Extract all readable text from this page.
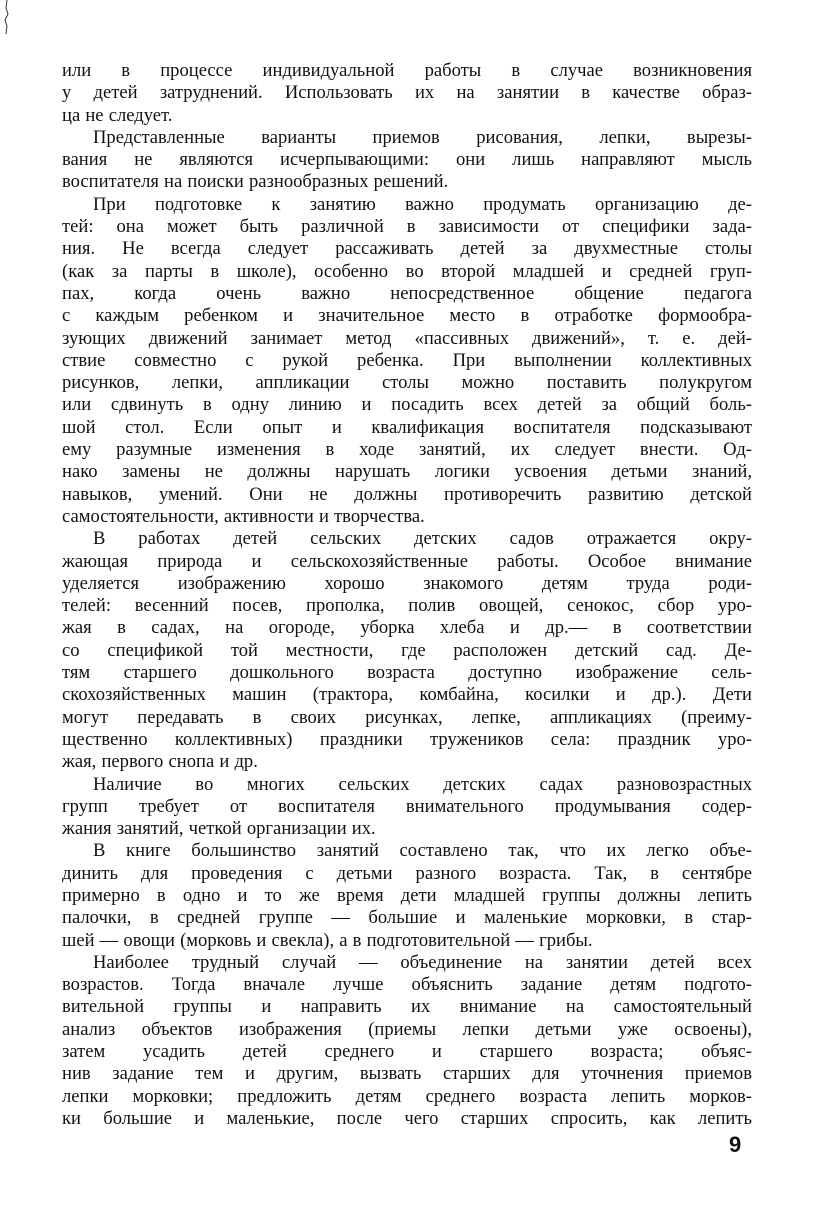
или в процессе индивидуальной работы в случае возникновения
у детей затруднений. Использовать их на занятии в качестве образ-
ца не следует.
Представленные варианты приемов рисования, лепки, вырезы-
вания не являются исчерпывающими: они лишь направляют мысль
воспитателя на поиски разнообразных решений.
При подготовке к занятию важно продумать организацию де-
тей: она может быть различной в зависимости от специфики зада-
ния. Не всегда следует рассаживать детей за двухместные столы
(как за парты в школе), особенно во второй младшей и средней груп-
пах, когда очень важно непосредственное общение педагога
с каждым ребенком и значительное место в отработке формообра-
зующих движений занимает метод «пассивных движений», т. е. дей-
ствие совместно с рукой ребенка. При выполнении коллективных
рисунков, лепки, аппликации столы можно поставить полукругом
или сдвинуть в одну линию и посадить всех детей за общий боль-
шой стол. Если опыт и квалификация воспитателя подсказывают
ему разумные изменения в ходе занятий, их следует внести. Од-
нако замены не должны нарушать логики усвоения детьми знаний,
навыков, умений. Они не должны противоречить развитию детской
самостоятельности, активности и творчества.
В работах детей сельских детских садов отражается окру-
жающая природа и сельскохозяйственные работы. Особое внимание
уделяется изображению хорошо знакомого детям труда роди-
телей: весенний посев, прополка, полив овощей, сенокос, сбор уро-
жая в садах, на огороде, уборка хлеба и др.— в соответствии
со спецификой той местности, где расположен детский сад. Де-
тям старшего дошкольного возраста доступно изображение сель-
скохозяйственных машин (трактора, комбайна, косилки и др.). Дети
могут передавать в своих рисунках, лепке, аппликациях (преиму-
щественно коллективных) праздники тружеников села: праздник уро-
жая, первого снопа и др.
Наличие во многих сельских детских садах разновозрастных
групп требует от воспитателя внимательного продумывания содер-
жания занятий, четкой организации их.
В книге большинство занятий составлено так, что их легко объе-
динить для проведения с детьми разного возраста. Так, в сентябре
примерно в одно и то же время дети младшей группы должны лепить
палочки, в средней группе — большие и маленькие морковки, в стар-
шей — овощи (морковь и свекла), а в подготовительной — грибы.
Наиболее трудный случай — объединение на занятии детей всех
возрастов. Тогда вначале лучше объяснить задание детям подгото-
вительной группы и направить их внимание на самостоятельный
анализ объектов изображения (приемы лепки детьми уже освоены),
затем усадить детей среднего и старшего возраста; объяс-
нив задание тем и другим, вызвать старших для уточнения приемов
лепки морковки; предложить детям среднего возраста лепить морков-
ки большие и маленькие, после чего старших спросить, как лепить
9
